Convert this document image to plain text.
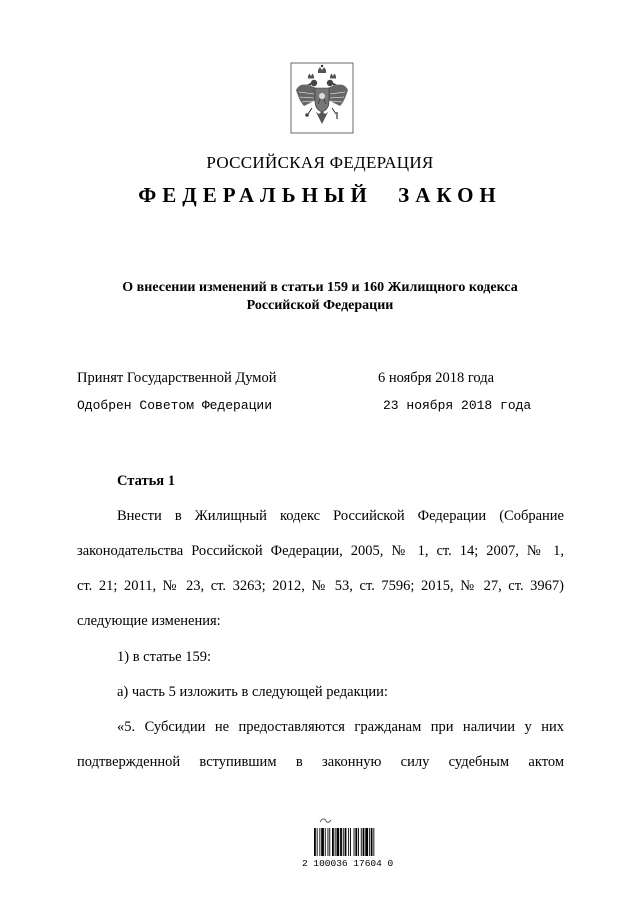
РОССИЙСКАЯ ФЕДЕРАЦИЯ
ФЕДЕРАЛЬНЫЙ ЗАКОН
О внесении изменений в статьи 159 и 160 Жилищного кодекса
Российской Федерации
Принят Государственной Думой	6 ноября 2018 года
Одобрен Советом Федерации	23 ноября 2018 года
Статья 1
Внести в Жилищный кодекс Российской Федерации (Собрание
законодательства Российской Федерации, 2005, № 1, ст. 14; 2007, № 1,
ст. 21; 2011, № 23, ст. 3263; 2012, № 53, ст. 7596; 2015, № 27, ст. 3967)
следующие изменения:
1) в статье 159:
а) часть 5 изложить в следующей редакции:
«5. Субсидии не предоставляются гражданам при наличии у них
подтвержденной вступившим в законную силу судебным актом
2 100036 17604 0
